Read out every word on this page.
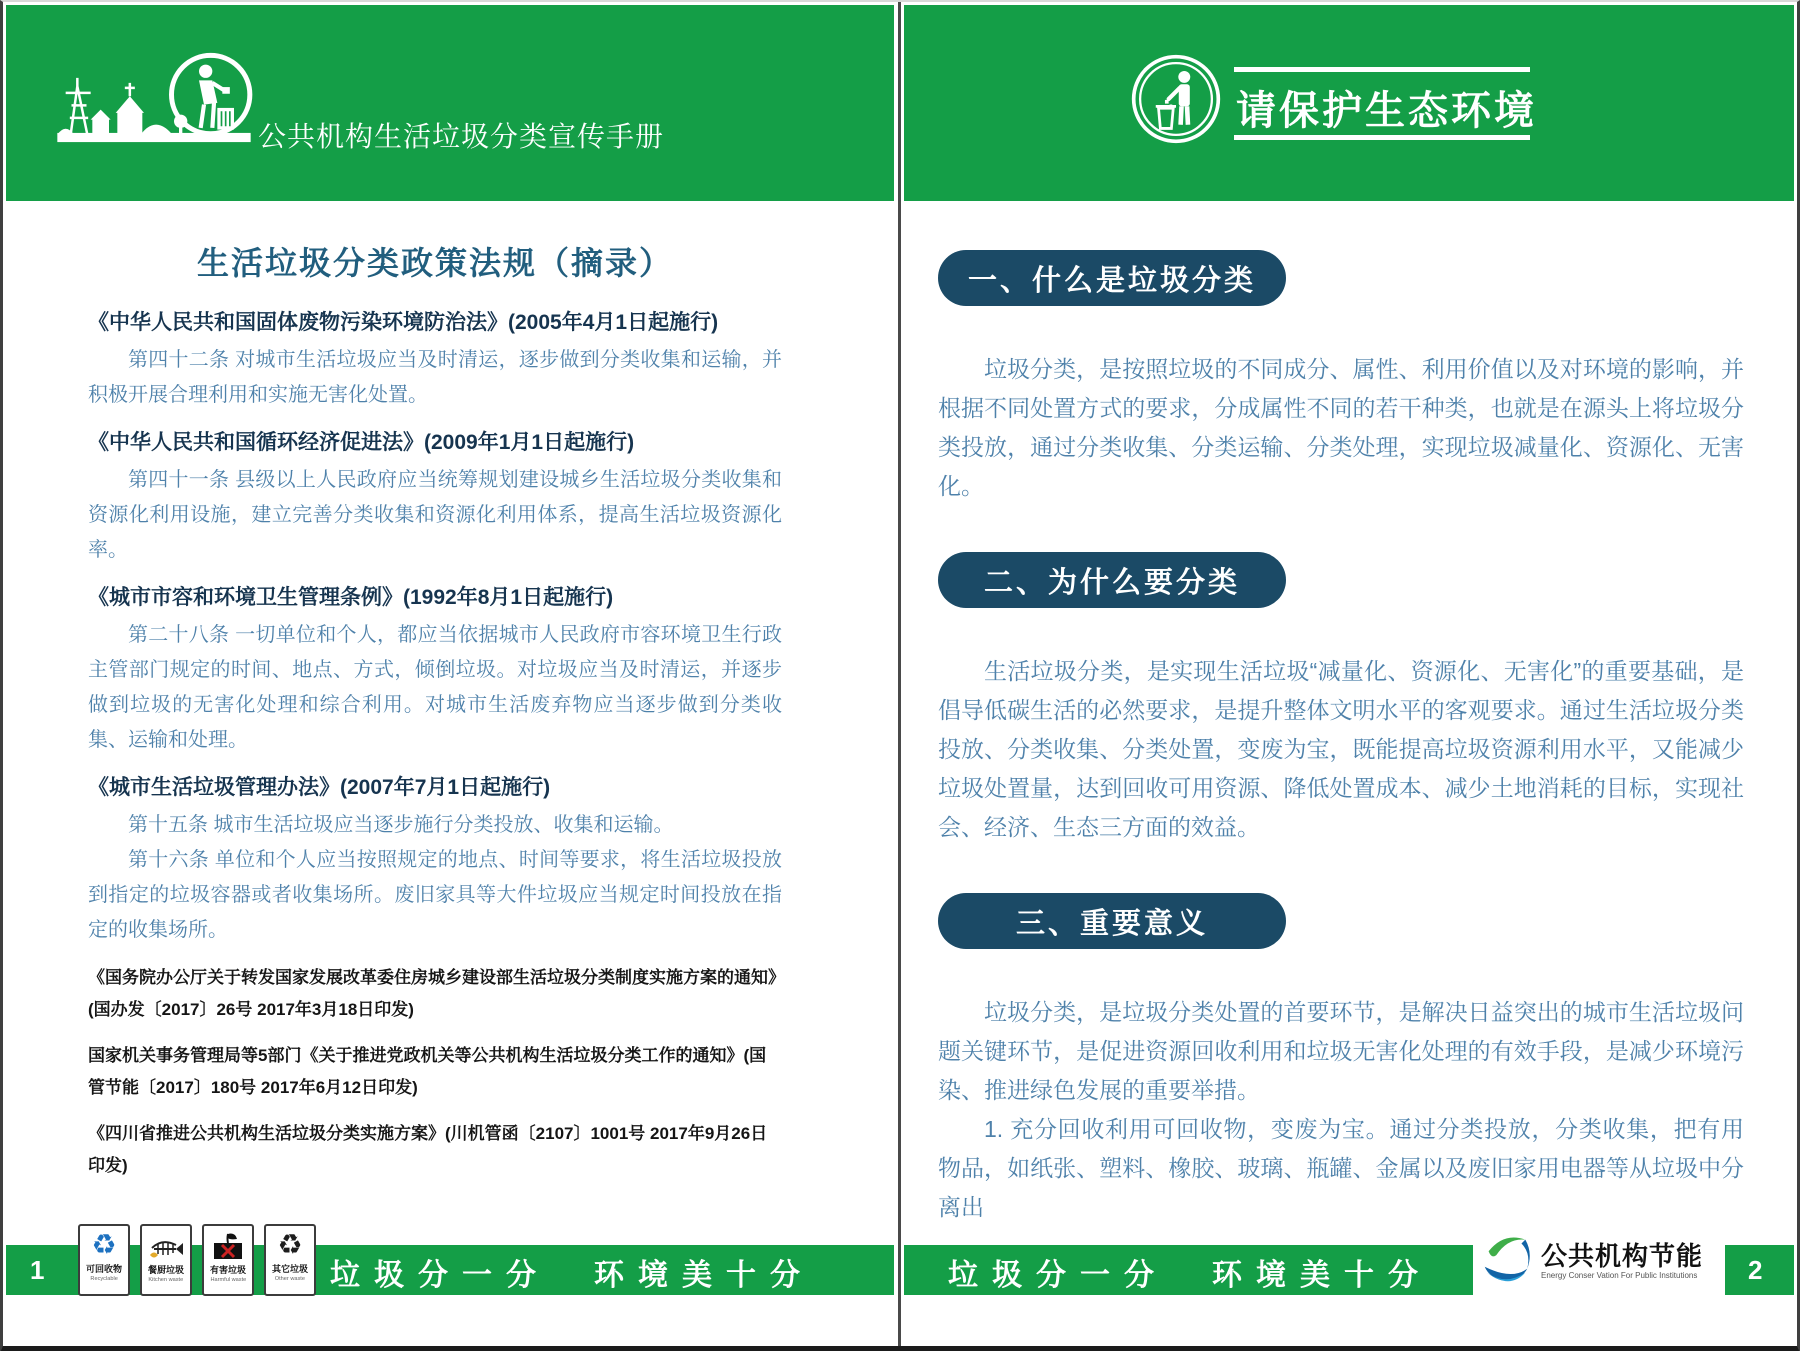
公共机构生活垃圾分类宣传手册
生活垃圾分类政策法规（摘录）
《中华人民共和国固体废物污染环境防治法》(2005年4月1日起施行)

第四十二条 对城市生活垃圾应当及时清运，逐步做到分类收集和运输，并积极开展合理利用和实施无害化处置。

《中华人民共和国循环经济促进法》(2009年1月1日起施行)

第四十一条 县级以上人民政府应当统筹规划建设城乡生活垃圾分类收集和资源化利用设施，建立完善分类收集和资源化利用体系，提高生活垃圾资源化率。

《城市市容和环境卫生管理条例》(1992年8月1日起施行)

第二十八条 一切单位和个人，都应当依据城市人民政府市容环境卫生行政主管部门规定的时间、地点、方式，倾倒垃圾。对垃圾应当及时清运，并逐步做到垃圾的无害化处理和综合利用。对城市生活废弃物应当逐步做到分类收集、运输和处理。

《城市生活垃圾管理办法》(2007年7月1日起施行)

第十五条 城市生活垃圾应当逐步施行分类投放、收集和运输。

第十六条 单位和个人应当按照规定的地点、时间等要求，将生活垃圾投放到指定的垃圾容器或者收集场所。废旧家具等大件垃圾应当规定时间投放在指定的收集场所。

《国务院办公厅关于转发国家发展改革委住房城乡建设部生活垃圾分类制度实施方案的通知》(国办发〔2017〕26号 2017年3月18日印发)

国家机关事务管理局等5部门《关于推进党政机关等公共机构生活垃圾分类工作的通知》(国管节能〔2017〕180号 2017年6月12日印发)

《四川省推进公共机构生活垃圾分类实施方案》(川机管函〔2107〕1001号 2017年9月26日印发)

请保护生态环境
一、什么是垃圾分类

垃圾分类，是按照垃圾的不同成分、属性、利用价值以及对环境的影响，并根据不同处置方式的要求，分成属性不同的若干种类，也就是在源头上将垃圾分类投放，通过分类收集、分类运输、分类处理，实现垃圾减量化、资源化、无害化。

二、为什么要分类

生活垃圾分类，是实现生活垃圾“减量化、资源化、无害化”的重要基础，是倡导低碳生活的必然要求，是提升整体文明水平的客观要求。通过生活垃圾分类投放、分类收集、分类处置，变废为宝，既能提高垃圾资源利用水平，又能减少垃圾处置量，达到回收可用资源、降低处置成本、减少土地消耗的目标，实现社会、经济、生态三方面的效益。

三、重要意义

垃圾分类，是垃圾分类处置的首要环节，是解决日益突出的城市生活垃圾问题关键环节，是促进资源回收利用和垃圾无害化处理的有效手段，是减少环境污染、推进绿色发展的重要举措。

1. 充分回收利用可回收物，变废为宝。通过分类投放，分类收集，把有用物品，如纸张、塑料、橡胶、玻璃、瓶罐、金属以及废旧家用电器等从垃圾中分离出

1	2
垃圾分一分　环境美十分	垃圾分一分　环境美十分
♻
可回收物
Recyclable
餐厨垃圾
Kitchen waste
有害垃圾
Harmful waste
♻
其它垃圾
Other waste
公共机构节能
Energy Conser Vation For Public Institutions
